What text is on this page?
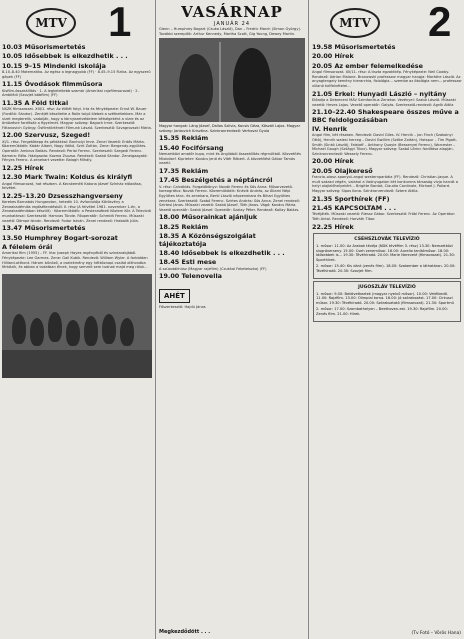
MTV 1
10.03 Műsorismertetés
10.05 Idősebbek is elkezdhetik . . .
10.15 9–15 Mindenki iskolája
8.10–8.40 Matematika. Az egész a legnagyobb (FF) · 8.45–9.15 Fizika. Az egyszerű gépek (FF)
11.15 Óvodások filmműsora
Kisfilm-összeállítás · 1. A legkelettebb szamár (Amerikai rajzfilmsorozat) · 2. Ambilédi (Szovjet bábfilm) (FF)
11.35 A Föld titkai
NSZK filmsorozat. XIII/1. rész: Az élőlét fotyi. Irta és fényképezte: Ernst W. Bauer (Fordító: Sándor). Zenéjét készítette a Rolle tolyó ölebek a szétkeltekben. Már a vizet megterelik, vadolják, hogy a környezetvédelem kétségeként a vízre és az öntözésre fordítsák a figyelmet. Magyar szöveg: Bagoch Imre. Szerkesztő: Fittanovich György. Ősfilmtörténeti Főmunk László. Szerkesztő: Szvagrovszki Mária.
12.00 Szervusz, Szeged!
XI/1. rész. Fergetökepp és példákkal: Bonholyi Imre. Zenei Vezető: Erdős Márta. Közreműködik: Kádár Albert, Nagy Ildikó, Szirt Zoltán, Zene: Bergendy-együttes. Operatőr: Ambrus Balázs. Rendező: Perlai Ferenc. Szerkesztő: Szegedi Ferenc. Kamera: Béla. Házigazda: Kozma Zsuzsa. Rendező: Szabó Sándor. Zeneigazgató: Fényes Ferenc. A zenekart vezette: Balogh Mihály.
12.25 Hírek
12.30 Mark Twain: Koldus és királyfi
Angol filmsorozat, hat részben. A Kecskeméti Katona József Színház előadása, felvétel.
12.25–13.20 Dzsesszhangverseny
Kerekes Barnabás Hungaroton, hetedik 10. évfordulója Kőrösvény a Zeneakadémiás regősétendésből. II. rész (A felvétel 1981. november 1-én, a Zeneakadémiában készült) · Közreműködik: a Pesterzsébeti Közlem Kör. A Televízió munkatársai: Szerkesztő: Hamvas Tünde. Főoperatőr: Schmidt Ferenc. Műszaki vezető: Dömpe István. Rendező: Fodor István. Zenei rendező: Hrabalik Júlia.
13.47 Műsorismertetés
13.50 Humphrey Bogart-sorozat
A félelem órái
Amerikai film (1955) – FF. Irta: Joseph Hayes regényéből és színdarabjából. Fényképezte: Lee Garmes. Zene: Gail Kubik. Rendező: William Wyler. A forbidden Hilliard-otthont. Három bűnöző, a cselekmény egy hétköznapi család otthonába férkőzik, és abban a tudatban élnek, hogy semmit sem tudnak majd meg róluk...
VASÁRNAP
JANUÁR 24
Glenn – Humphrey Bogart (Csuka László), Dan – Fredric March (Simon György). További szereplők: Arthur Kennedy, Martha Scott, Gig Young, Dewey Martin.
Magyar hangok: Láng József, Dallos Szilvia, Kocsis Géza, Kőszáli Lajos. Magyar szöveg: Jankovich Krisztina. Szinkronrendező: Verhovai Gyula
15.35 Reklám
15.40 Focifórsang
Nemzetközi amatőr kupa, mint és Angliából összeállítás régmúltból. Közvetítés Mixbdiorf. Kiprieter: Kovács Jenő és Vitér Róbert. A közvetítést Gábor Tamás vezeti.
17.35 Reklám
17.45 Beszélgetés a néptáncról
V. rész: Calváklás. Forgatókönyv: Novák Ferenc és Sós Anna. Műsorvezető-koreográfus: Novák Ferenc. Közreműködik: Knézik András, az Állami Népi Együttes tánc- és zenekara, Berki László népzenekara és Bihari Együttes zenekara. Szerkesztő: Szabó Ferenc. Szirtes András: Sós Anna. Zenei rendező: Szirtesi János. Műszaki vezető: Szabó József, Tóth János. Vágó: Kovács Mária. Vezető operatőr: Szabó József. Operatőr: Szalay Péter. Rendező: Kollay Balázs.
18.00 Műsorainkat ajánljuk
18.25 Reklám
18.35 A Közönségszolgálat tájékoztatója
18.40 Idősebbek is elkezdhetik . . .
18.45 Esti mese
A szúzotákhúsz (Magyar rajzfilm) (Czukkai Feketeiszka) (FF)
19.00 Telenovella
AHÉT
Főszerkesztő: Hajdú János
Megkezdődött . . .
MTV 2
19.58 Műsorismertetés
20.00 Hírek
20.05 Az ember felemelkedése
Angol filmsorozat. XII/11. rész: A tiszta egzaktkép. Fényképezte: Neil Cowby. Rendező: Adrian Malone. Bronowski professzor magyar hangja: Maráthe László. Az anyagtengely kemény hierarchia, fiziológia... szembe az ökológia nem... professzor villanó tollfelvételei...
21.05 Erkel: Hunyadi László – nyitány
Előadja a Debreceni MÁV Szimfonikus Zenekar. Vezényel: Szabó László. Műszaki vezető: Heves Lajos. Vezető operatőr: Galyás. Szerkesztő-rendező: Agrót Attila
21.10–22.40 Shakespeare összes műve a BBC feldolgozásában
IV. Henrik
Angol film, két részben. Rendező: David Giles. IV. Henrik – Jon Finch (Szakolnyi Ottó), Henrik walesi herceg – David Gwillim (Szőke Zoltán), Hotspur – Tim Pigott-Smith (Sinkó László), Falstaff – Anthony Quayle (Bessenyei Ferenc), Worcester – Michael Gough (Szilágyi Tibor). Magyar szöveg: Szabó Lőrinc fordítása alapján. Szinkronrendező: Wessely Ferenc.
20.00 Hírek
20.05 Olajkereső
Francia–olasz–spanyol–angol westernparódia (FF). Rendező: Christian-Jaque. A mult század végén, valahol a Vadnyugaton két konkurens társaság vívja harcát a helyi olajlelőhelyekért... Brigitte Bardot, Claudia Cardinale, Michael J. Pollard. Magyar szöveg: Sipos Ilona. Szinkronrendező: Sztere Attila.
21.35 Sporthírek (FF)
21.45 KAPCSOLTAM . . .
Tévéjáték. Műszaki vezető: Riessz Gábor. Szerkesztő: Fröbl Ferenc. Az Operátor: Tóth Antal. Rendező: Horváth Tibor.
22.25 Hírek
CSEHSZLOVÁK TELEVÍZIÓ
1. műsor: 11.00: Az Arabak tévéja (NDK tévéfilm 3. rész) 13.30: Nemzetközi síugróverseny. 15.00: Cseh zeneműsor. 16.00: Aurelio tanítóműsor. 18.00: Idősebbek is... 19.30: Tévéhíradó. 20.00: Marie Nerevelé (filmsorozat). 21.30: Sporthírek.
2. műsor: 15.40: Kis dánt (zenés film). 18.00: Szakember a láthatáron. 20.00: Tévéhíradó. 20.30: Szovjet film.
JUGOSZLÁV TELEVÍZIÓ
1. műsor: 9.00: Bekövetkeztek (magyar nyelvű műsor). 10.00: Vetélkedő. 11.00: Rajzfilm. 13.00: Olimpiai torna. 16.00: Jó szórakozást. 17.00: Cirkuszi műsor. 19.30: Tévéhíradó. 20.00: Szórakoztató (filmsorozat). 21.30: Sportmű
2. műsor: 17.00: Szombathelyen – Beethoven-est. 19.30: Rajzfilm. 20.00: Zenés film. 21.00: Hírek.
(Tv Fotó – Vörös Hana)
